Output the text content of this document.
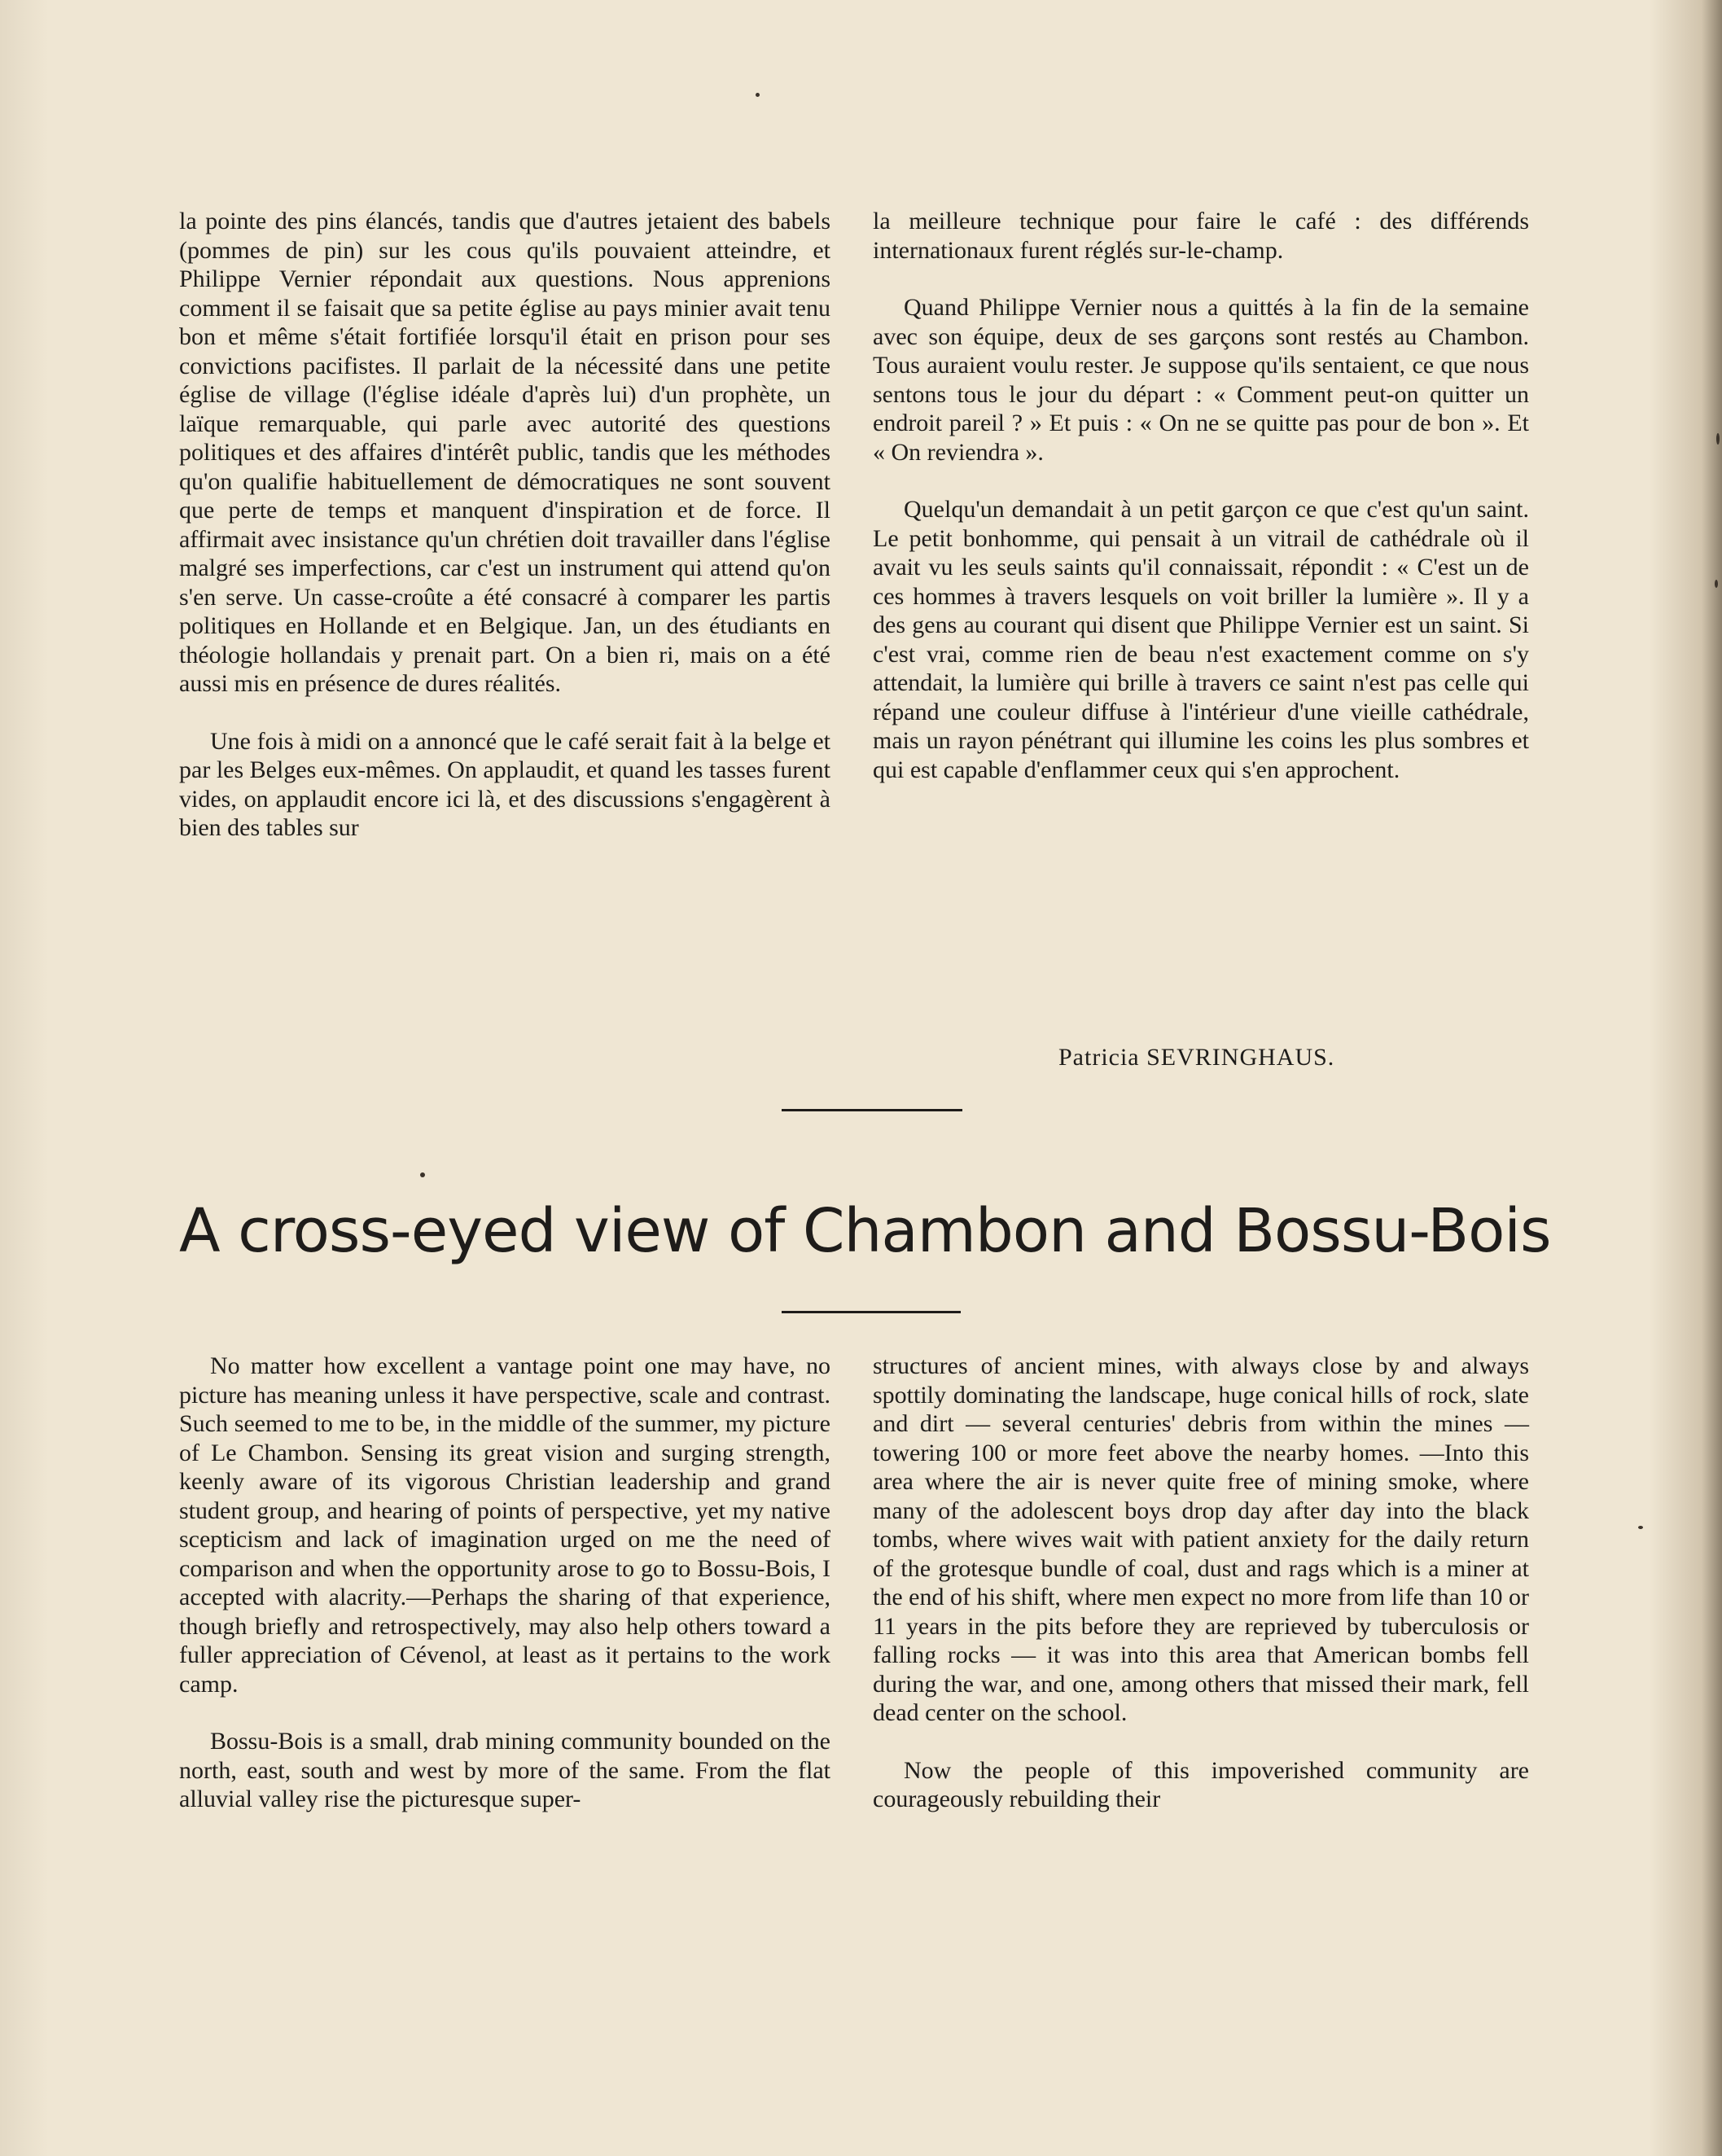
la pointe des pins élancés, tandis que d'autres jetaient des babels (pommes de pin) sur les cous qu'ils pouvaient atteindre, et Philippe Vernier répondait aux questions. Nous apprenions comment il se faisait que sa petite église au pays minier avait tenu bon et même s'était fortifiée lorsqu'il était en prison pour ses convictions pacifistes. Il parlait de la nécessité dans une petite église de village (l'église idéale d'après lui) d'un prophète, un laïque remarquable, qui parle avec autorité des questions politiques et des affaires d'intérêt public, tandis que les méthodes qu'on qualifie habituellement de démocratiques ne sont souvent que perte de temps et manquent d'inspiration et de force. Il affirmait avec insistance qu'un chrétien doit travailler dans l'église malgré ses imperfections, car c'est un instrument qui attend qu'on s'en serve. Un casse-croûte a été consacré à comparer les partis politiques en Hollande et en Belgique. Jan, un des étudiants en théologie hollandais y prenait part. On a bien ri, mais on a été aussi mis en présence de dures réalités.

Une fois à midi on a annoncé que le café serait fait à la belge et par les Belges eux-mêmes. On applaudit, et quand les tasses furent vides, on applaudit encore ici là, et des discussions s'engagèrent à bien des tables sur

la meilleure technique pour faire le café : des différends internationaux furent réglés sur-le-champ.

Quand Philippe Vernier nous a quittés à la fin de la semaine avec son équipe, deux de ses garçons sont restés au Chambon. Tous auraient voulu rester. Je suppose qu'ils sentaient, ce que nous sentons tous le jour du départ : « Comment peut-on quitter un endroit pareil ? » Et puis : « On ne se quitte pas pour de bon ». Et « On reviendra ».

Quelqu'un demandait à un petit garçon ce que c'est qu'un saint. Le petit bonhomme, qui pensait à un vitrail de cathédrale où il avait vu les seuls saints qu'il connaissait, répondit : « C'est un de ces hommes à travers lesquels on voit briller la lumière ». Il y a des gens au courant qui disent que Philippe Vernier est un saint. Si c'est vrai, comme rien de beau n'est exactement comme on s'y attendait, la lumière qui brille à travers ce saint n'est pas celle qui répand une couleur diffuse à l'intérieur d'une vieille cathédrale, mais un rayon pénétrant qui illumine les coins les plus sombres et qui est capable d'enflammer ceux qui s'en approchent.

Patricia SEVRINGHAUS.
A cross-eyed view of Chambon and Bossu-Bois

No matter how excellent a vantage point one may have, no picture has meaning unless it have perspective, scale and contrast. Such seemed to me to be, in the middle of the summer, my picture of Le Chambon. Sensing its great vision and surging strength, keenly aware of its vigorous Christian leadership and grand student group, and hearing of points of perspective, yet my native scepticism and lack of imagination urged on me the need of comparison and when the opportunity arose to go to Bossu-Bois, I accepted with alacrity.—Perhaps the sharing of that experience, though briefly and retrospectively, may also help others toward a fuller appreciation of Cévenol, at least as it pertains to the work camp.

Bossu-Bois is a small, drab mining community bounded on the north, east, south and west by more of the same. From the flat alluvial valley rise the picturesque super-

structures of ancient mines, with always close by and always spottily dominating the landscape, huge conical hills of rock, slate and dirt — several centuries' debris from within the mines — towering 100 or more feet above the nearby homes. —Into this area where the air is never quite free of mining smoke, where many of the adolescent boys drop day after day into the black tombs, where wives wait with patient anxiety for the daily return of the grotesque bundle of coal, dust and rags which is a miner at the end of his shift, where men expect no more from life than 10 or 11 years in the pits before they are reprieved by tuberculosis or falling rocks — it was into this area that American bombs fell during the war, and one, among others that missed their mark, fell dead center on the school.

Now the people of this impoverished community are courageously rebuilding their
